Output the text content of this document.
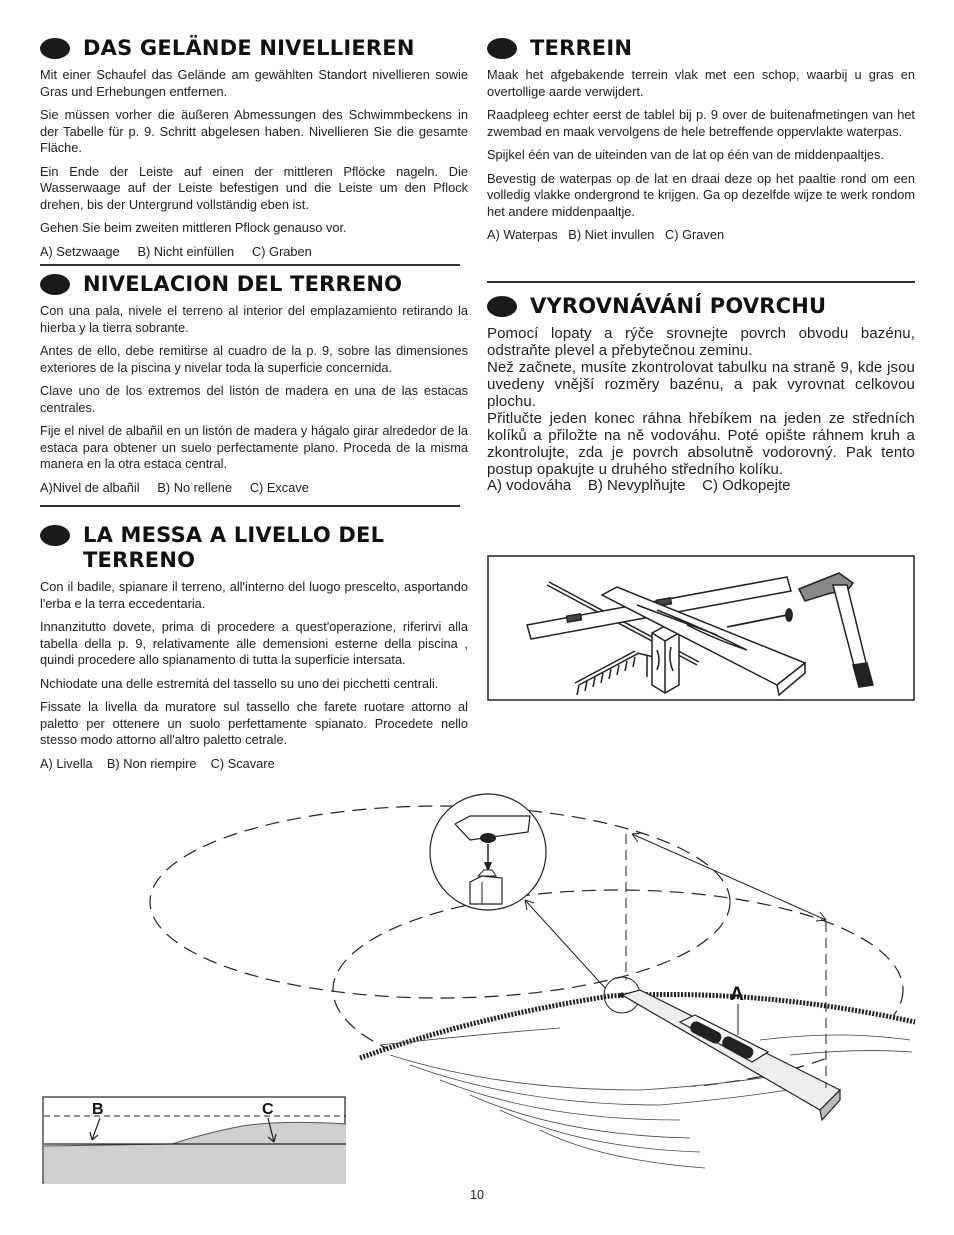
DAS GELÄNDE NIVELLIEREN

Mit einer Schaufel das Gelände am gewählten Standort nivellieren sowie Gras und Erhebungen entfernen.

Sie müssen vorher die äußeren Abmessungen des Schwimmbeckens in der Tabelle für p. 9. Schritt abgelesen haben. Nivellieren Sie die gesamte Fläche.

Ein Ende der Leiste auf einen der mittleren Pflöcke nageln. Die Wasserwaage auf der Leiste befestigen und die Leiste um den Pflock drehen, bis der Untergrund vollständig eben ist.

Gehen Sie beim zweiten mittleren Pflock genauso vor.

A) Setzwaage     B) Nicht einfüllen     C) Graben

NIVELACION DEL TERRENO

Con una pala, nivele el terreno al interior del emplazamiento retirando la hierba y la tierra sobrante.

Antes de ello, debe remitirse al cuadro de la p. 9, sobre las dimensiones exteriores de la piscina y nivelar toda la superficie concernida.

Clave uno de los extremos del listón de madera en una de las estacas centrales.

Fije el nivel de albañil en un listón de madera y hágalo girar alrededor de la estaca para obtener un suelo perfectamente plano. Proceda de la misma manera en la otra estaca central.

A)Nivel de albañil     B) No rellene     C) Excave

LA MESSA A LIVELLO DEL TERRENO

Con il badile, spianare il terreno, all'interno del luogo prescelto, asportando l'erba e la terra eccedentaria.

Innanzitutto dovete, prima di procedere a quest'operazione, riferirvi alla tabella della p. 9, relativamente alle demensioni esterne della piscina , quindi procedere allo spianamento di tutta la superficie intersata.

Nchiodate una delle estremitá del tassello su uno dei picchetti centrali.

Fissate la livella da muratore sul tassello che farete ruotare attorno al paletto per ottenere un suolo perfettamente spianato. Procedete nello stesso modo attorno all'altro paletto cetrale.

A) Livella    B) Non riempire    C) Scavare

TERREIN

Maak het afgebakende terrein vlak met een schop, waarbij u gras en overtollige aarde verwijdert.

Raadpleeg echter eerst de tablel bij p. 9 over de buitenafmetingen van het zwembad en maak vervolgens de hele betreffende oppervlakte waterpas.

Spijkel één van de uiteinden van de lat op één van de middenpaaltjes.

Bevestig de waterpas op de lat en draai deze op het paaltie rond om een volledig vlakke ondergrond te krijgen. Ga op dezelfde wijze te werk rondom het andere middenpaaltje.

A) Waterpas   B) Niet invullen   C) Graven

VYROVNÁVÁNÍ POVRCHU

Pomocí lopaty a rýče srovnejte povrch obvodu bazénu, odstraňte plevel a přebytečnou zeminu.

Než začnete, musíte zkontrolovat tabulku na straně 9, kde jsou uvedeny vnější rozměry bazénu, a pak vyrovnat celkovou plochu.

Přitlučte jeden konec ráhna hřebíkem na jeden ze středních kolíků a přiložte na ně vodováhu. Poté opište ráhnem kruh a zkontrolujte, zda je povrch absolutně vodorovný. Pak tento postup opakujte u druhého středního kolíku.

A) vodováha    B) Nevyplňujte    C) Odkopejte

A
B	C
10
